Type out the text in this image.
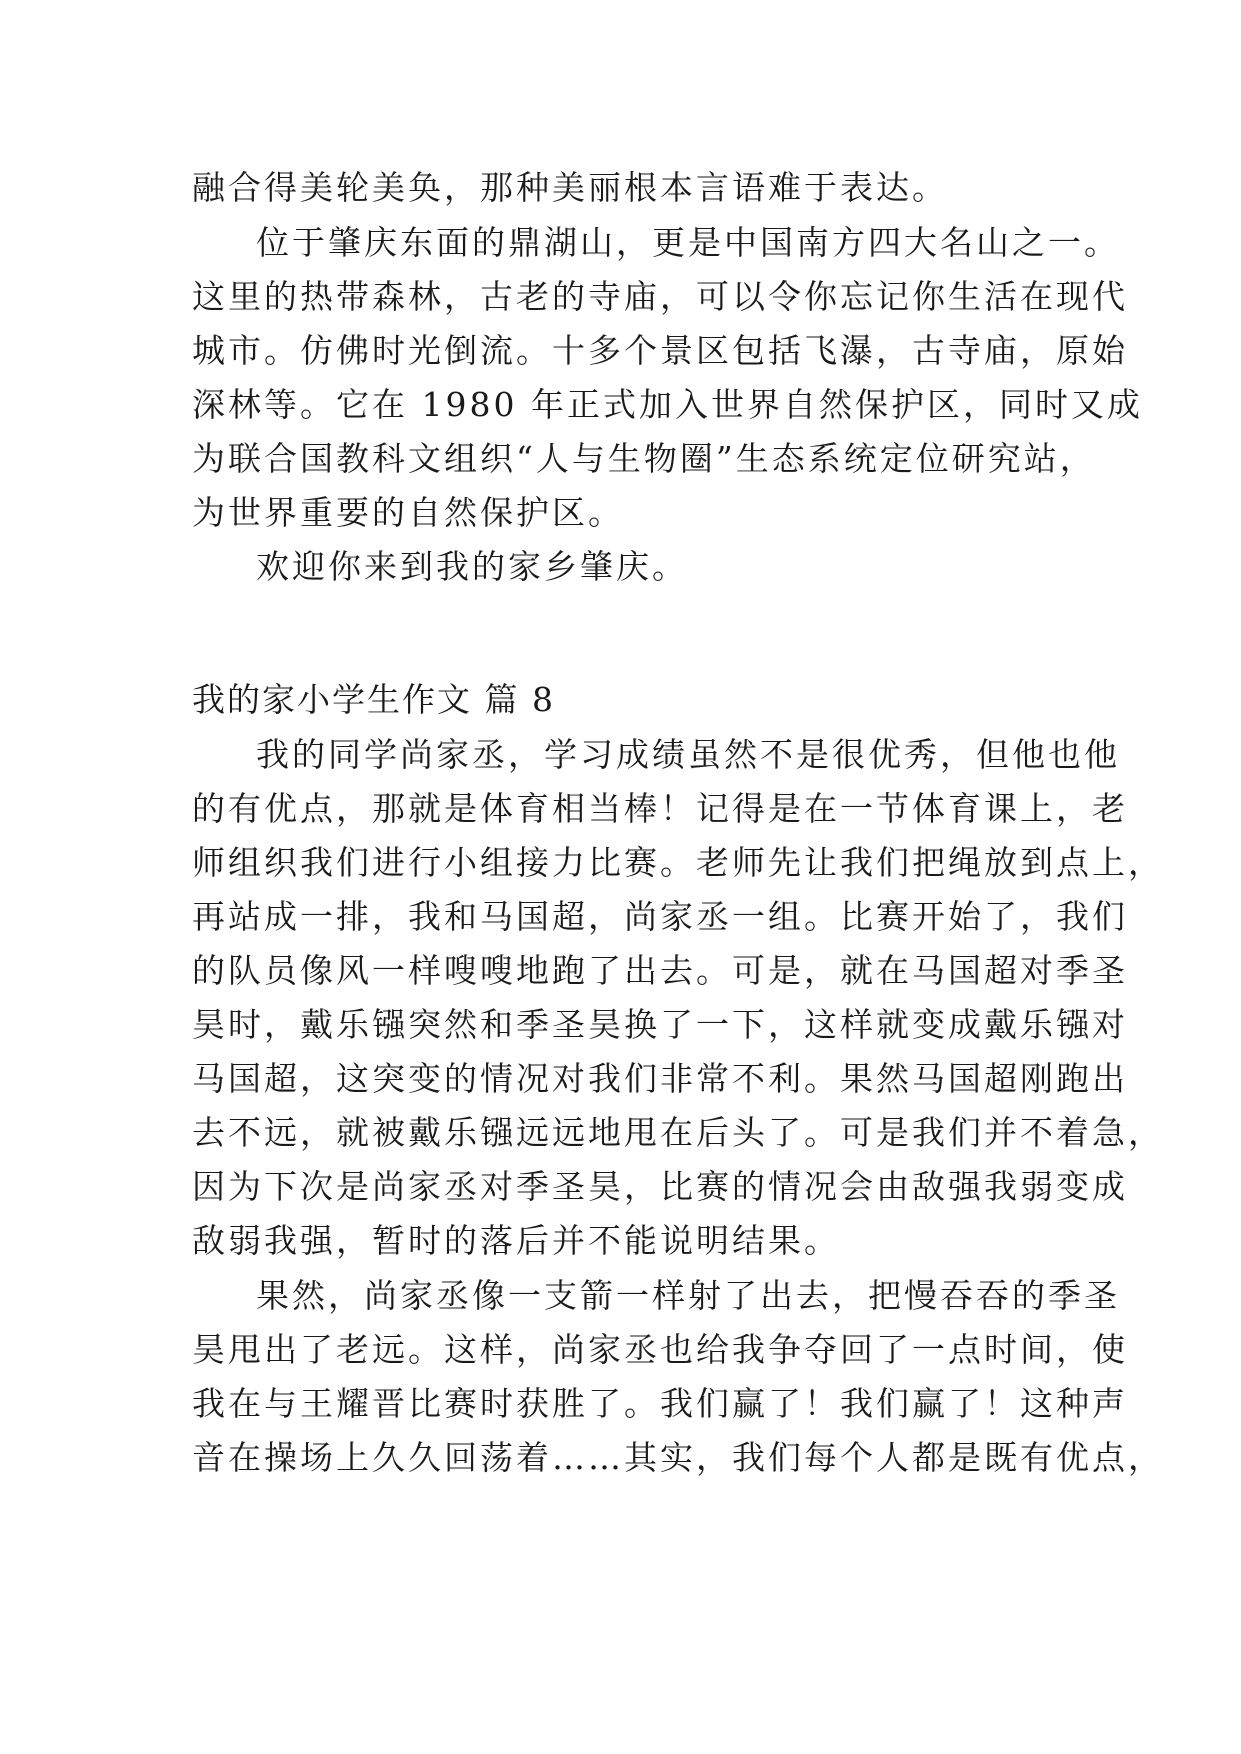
融合得美轮美奂，那种美丽根本言语难于表达。
位于肇庆东面的鼎湖山，更是中国南方四大名山之一。
这里的热带森林，古老的寺庙，可以令你忘记你生活在现代
城市。仿佛时光倒流。十多个景区包括飞瀑，古寺庙，原始
深林等。它在 1980 年正式加入世界自然保护区，同时又成
为联合国教科文组织“人与生物圈”生态系统定位研究站，
为世界重要的自然保护区。
欢迎你来到我的家乡肇庆。
我的家小学生作文 篇 8
我的同学尚家丞，学习成绩虽然不是很优秀，但他也他
的有优点，那就是体育相当棒！记得是在一节体育课上，老
师组织我们进行小组接力比赛。老师先让我们把绳放到点上，
再站成一排，我和马国超，尚家丞一组。比赛开始了，我们
的队员像风一样嗖嗖地跑了出去。可是，就在马国超对季圣
昊时，戴乐镪突然和季圣昊换了一下，这样就变成戴乐镪对
马国超，这突变的情况对我们非常不利。果然马国超刚跑出
去不远，就被戴乐镪远远地甩在后头了。可是我们并不着急，
因为下次是尚家丞对季圣昊，比赛的情况会由敌强我弱变成
敌弱我强，暂时的落后并不能说明结果。
果然，尚家丞像一支箭一样射了出去，把慢吞吞的季圣
昊甩出了老远。这样，尚家丞也给我争夺回了一点时间，使
我在与王耀晋比赛时获胜了。我们赢了！我们赢了！这种声
音在操场上久久回荡着……其实，我们每个人都是既有优点，
